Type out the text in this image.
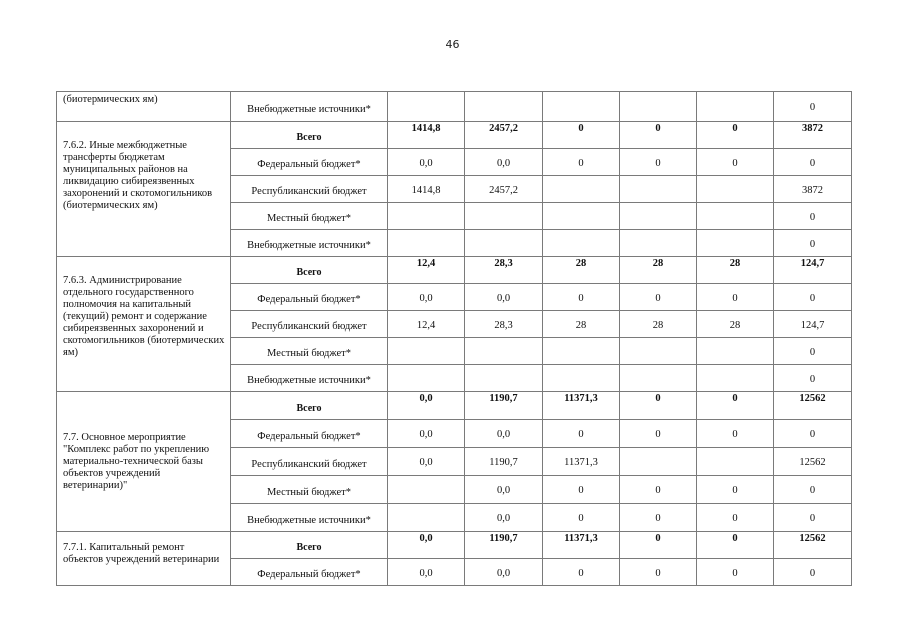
46
(биотермических ям)	Внебюджетные источники*						0
7.6.2. Иные межбюджетные трансферты бюджетам муниципальных районов на ликвидацию сибиреязвенных захоронений и скотомогильников (биотермических ям)	Всего	1414,8	2457,2	0	0	0	3872
	Федеральный бюджет*	0,0	0,0	0	0	0	0
	Республиканский бюджет	1414,8	2457,2				3872
	Местный бюджет*						0
	Внебюджетные источники*						0
7.6.3. Администрирование отдельного государственного полномочия на капитальный (текущий) ремонт и содержание сибиреязвенных захоронений и скотомогильников (биотермических ям)	Всего	12,4	28,3	28	28	28	124,7
	Федеральный бюджет*	0,0	0,0	0	0	0	0
	Республиканский бюджет	12,4	28,3	28	28	28	124,7
	Местный бюджет*						0
	Внебюджетные источники*						0
7.7. Основное мероприятие "Комплекс работ по укреплению материально-технической базы объектов учреждений ветеринарии)"	Всего	0,0	1190,7	11371,3	0	0	12562
	Федеральный бюджет*	0,0	0,0	0	0	0	0
	Республиканский бюджет	0,0	1190,7	11371,3			12562
	Местный бюджет*		0,0	0	0	0	0
	Внебюджетные источники*		0,0	0	0	0	0
7.7.1. Капитальный ремонт объектов учреждений ветеринарии	Всего	0,0	1190,7	11371,3	0	0	12562
	Федеральный бюджет*	0,0	0,0	0	0	0	0
